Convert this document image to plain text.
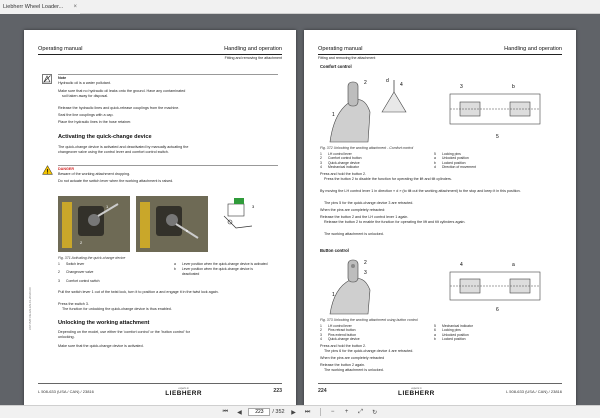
Liebherr Wheel Loader...	×
Operating manual	Handling and operation
Fitting and removing the attachment
Note
Hydraulic oil is a water pollutant.
Make sure that no hydraulic oil leaks onto the ground. Have any contaminated
soil taken away for disposal.
Release the hydraulic lines and quick-release couplings from the machine.
Seal the line couplings with a cap.
Place the hydraulic lines in the hose retainer.
Activating the quick-change device
The quick-change device is activated and deactivated by manually actuating the
changeover valve using the control lever and comfort control switch.
!
DANGER
Beware of the working attachment dropping.
Do not actuate the switch lever when the working attachment is raised.
1
2
b
3
Fig. 371 Activating the quick-change device
1	Switch lever
2	Changeover valve
3	Comfort control switch
a	Lever position when the quick-change device is activated
b	Lever position when the quick-change device is deactivated
Pull the switch lever 1 out of the twist lock, turn it to position a and engage it in the twist lock again.
Press the switch 3.
The function for unlocking the quick-change device is thus enabled.
Unlocking the working attachment
Depending on the model, use either the 'comfort control' or the 'button control' for
unlocking.
Make sure that the quick-change device is activated.
LWT-BAT-DE-EN-EN-01-20160-00
L 508-633 (USA / CAN) / 23816	experts in
LIEBHERR	223
Operating manual	Handling and operation
Fitting and removing the attachment
Comfort control
d
4
2
1
3	b
5
Fig. 372 Unlocking the working attachment - Comfort control
1	LH control lever
2	Comfort control button
3	Quick-change device
4	Mechanical indicator
5	Locking pins
a	Unlocked position
b	Locked position
d	Direction of movement
Press and hold the button 2.
Press the button 2 to disable the function for operating the lift and tilt cylinders.
By moving the LH control lever 1 in direction « d » (to tilt out the working attachment) to the stop and keep it in this position.
The pins 5 for the quick-change device 3 are retracted.
When the pins are completely retracted:
Release the button 2 and the LH control lever 1 again.
Release the button 2 to enable the function for operating the lift and tilt cylinders again.
The working attachment is unlocked.
Button control
2
3
1
4	a
6
Fig. 373 Unlocking the working attachment using button control
1	LH control lever
2	Pins retract button
3	Pins extend button
4	Quick-change device
5	Mechanical indicator
6	Locking pins
a	Unlocked position
b	Locked position
Press and hold the button 2.
The pins 6 for the quick-change device 4 are retracted.
When the pins are completely retracted
Release the button 2 again.
The working attachment is unlocked.
224	experts in
LIEBHERR	L 508-633 (USA / CAN) / 23816
⏮	◀
223	/ 352	▶	⏭	−	+	⤢	↻
